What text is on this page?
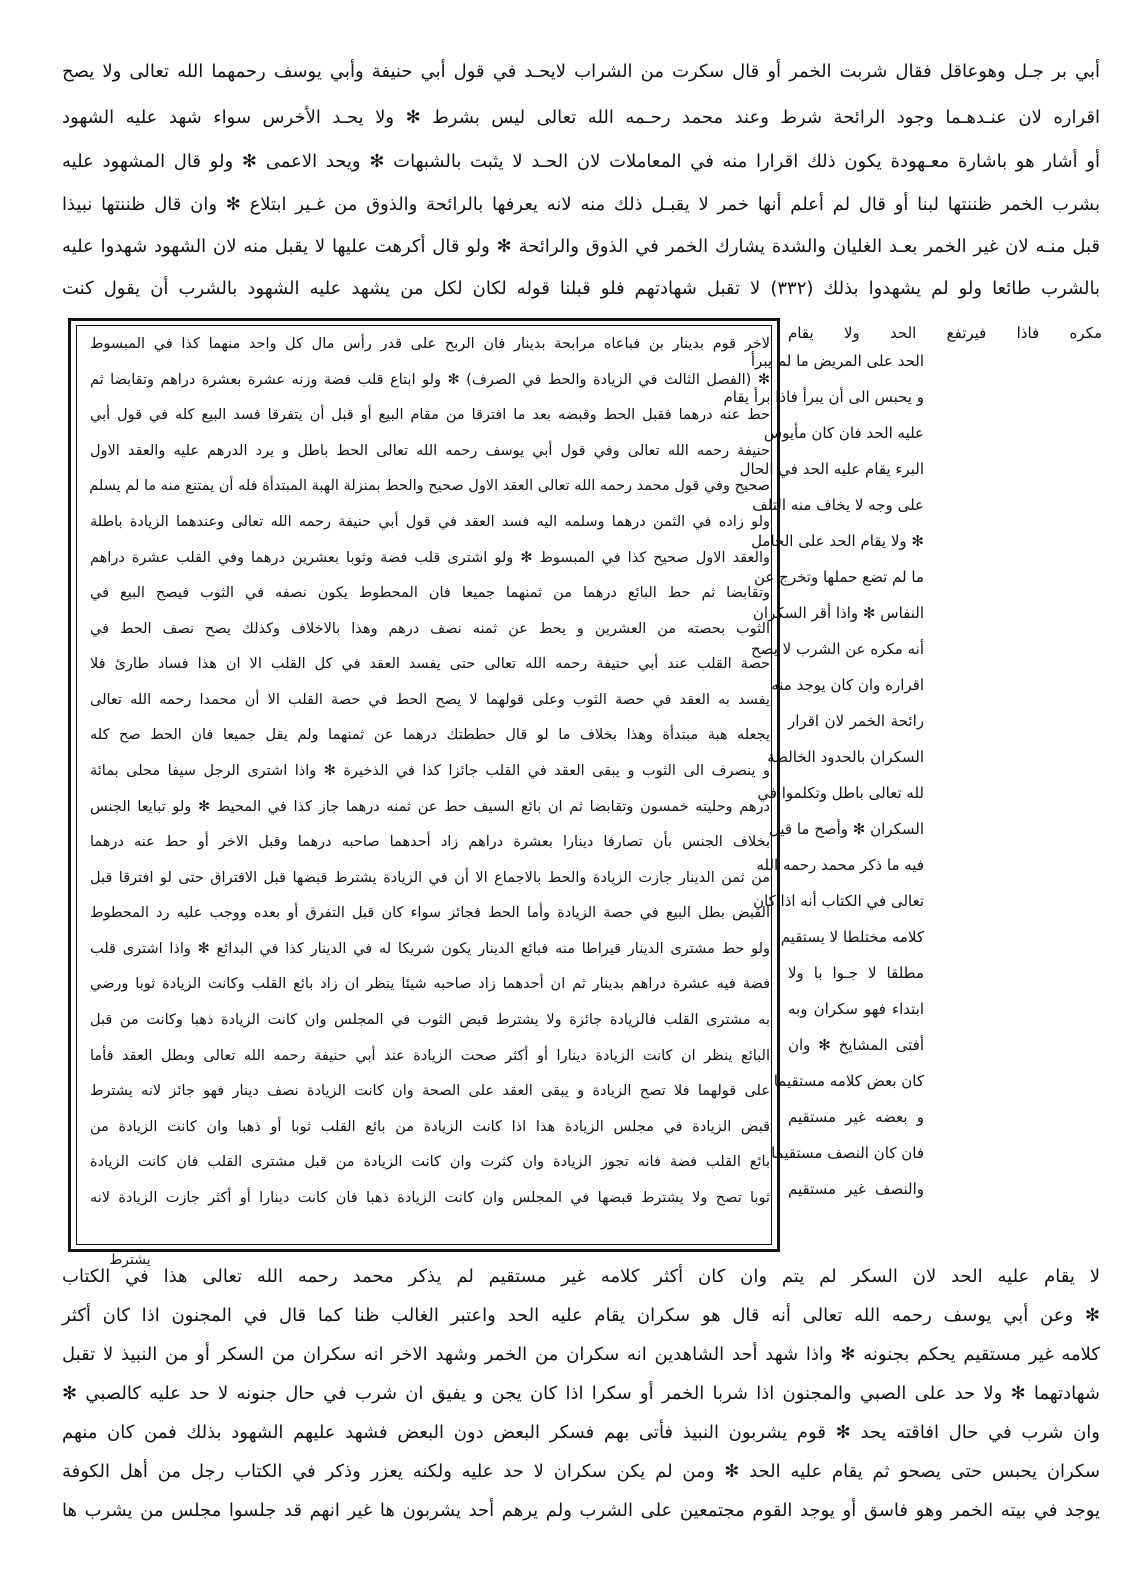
أبي بر جـل وهوعاقل فقال شربت الخمر أو قال سكرت من الشراب لايحـد في قول أبي حنيفة وأبي يوسف رحمهما الله تعالى ولا يصح
اقراره لان عنـدهـما وجود الرائحة شرط وعند محمد رحـمه الله تعالى ليس بشرط ✻ ولا يحـد الأخرس سواء شهد عليه الشهود
أو أشار هو باشارة معـهودة يكون ذلك اقرارا منه في المعاملات لان الحـد لا يثبت بالشبهات ✻ ويحد الاعمى ✻ ولو قال المشهود عليه
بشرب الخمر ظننتها لبنا أو قال لم أعلم أنها خمر لا يقبـل ذلك منه لانه يعرفها بالرائحة والذوق من غـير ابتلاع ✻ وان قال ظننتها نبيذا
قبل منـه لان غير الخمر بعـد الغليان والشدة يشارك الخمر في الذوق والرائحة ✻ ولو قال أكرهت عليها لا يقبل منه لان الشهود شهدوا عليه
بالشرب طائعا ولو لم يشهدوا بذلك (٣٣٢) لا تقبل شهادتهم فلو قبلنا قوله لكان لكل من يشهد عليه الشهود بالشرب أن يقول كنت
مكره فاذا فيرتفع الحد ولا يقام
لاخر قوم بدينار بن فباعاه مرابحة بدينار فان الربح على قدر رأس مال كل واحد منهما كذا في المبسوط
✻ (الفصل الثالث في الزيادة والحط في الصرف) ✻ ولو ابتاع قلب فضة وزنه عشرة بعشرة دراهم وتقابضا ثم
حط عنه درهما فقبل الحط وقبضه بعد ما افترقا من مقام البيع أو قبل أن يتفرقا فسد البيع كله في قول أبي
حنيفة رحمه الله تعالى وفي قول أبي يوسف رحمه الله تعالى الحط باطل و يرد الدرهم عليه والعقد الاول
صحيح وفي قول محمد رحمه الله تعالى العقد الاول صحيح والحط بمنزلة الهبة المبتدأة فله أن يمتنع منه ما لم يسلم
ولو زاده في الثمن درهما وسلمه اليه فسد العقد في قول أبي حنيفة رحمه الله تعالى وعندهما الزيادة باطلة
والعقد الاول صحيح كذا في المبسوط ✻ ولو اشترى قلب فضة وثوبا بعشرين درهما وفي القلب عشرة دراهم
وتقابضا ثم حط البائع درهما من ثمنهما جميعا فان المحطوط يكون نصفه في الثوب فيصح البيع في
الثوب بحصته من العشرين و يحط عن ثمنه نصف درهم وهذا بالاخلاف وكذلك يصح نصف الحط في
حصة القلب عند أبي حنيفة رحمه الله تعالى حتى يفسد العقد في كل القلب الا ان هذا فساد طارئ فلا
يفسد به العقد في حصة الثوب وعلى قولهما لا يصح الحط في حصة القلب الا أن محمدا رحمه الله تعالى
يجعله هبة مبتدأة وهذا بخلاف ما لو قال حططتك درهما عن ثمنهما ولم يقل جميعا فان الحط صح كله
و ينصرف الى الثوب و يبقى العقد في القلب جائزا كذا في الذخيرة ✻ واذا اشترى الرجل سيفا محلى بمائة
درهم وحليته خمسون وتقابضا ثم ان بائع السيف حط عن ثمنه درهما جاز كذا في المحيط ✻ ولو تبايعا الجنس
بخلاف الجنس بأن تصارفا دينارا بعشرة دراهم زاد أحدهما صاحبه درهما وقبل الاخر أو حط عنه درهما
من ثمن الدينار جازت الزيادة والحط بالاجماع الا أن في الزيادة يشترط قبضها قبل الافتراق حتى لو افترقا قبل
القبض بطل البيع في حصة الزيادة وأما الحط فجائز سواء كان قبل التفرق أو بعده ووجب عليه رد المحطوط
ولو حط مشترى الدينار قيراطا منه فبائع الدينار يكون شريكا له في الدينار كذا في البدائع ✻ واذا اشترى قلب
فضة فيه عشرة دراهم بدينار ثم ان أحدهما زاد صاحبه شيئا ينظر ان زاد بائع القلب وكانت الزيادة ثوبا ورضي
به مشترى القلب فالزيادة جائزة ولا يشترط قبض الثوب في المجلس وان كانت الزيادة ذهبا وكانت من قبل
البائع ينظر ان كانت الزيادة دينارا أو أكثر صحت الزيادة عند أبي حنيفة رحمه الله تعالى وبطل العقد فأما
على قولهما فلا تصح الزيادة و يبقى العقد على الصحة وان كانت الزيادة نصف دينار فهو جائز لانه يشترط
قبض الزيادة في مجلس الزيادة هذا اذا كانت الزيادة من بائع القلب ثوبا أو ذهبا وان كانت الزيادة من
بائع القلب فضة فانه تجوز الزيادة وان كثرت وان كانت الزيادة من قبل مشترى القلب فان كانت الزيادة
ثوبا تصح ولا يشترط قبضها في المجلس وان كانت الزيادة ذهبا فان كانت دينارا أو أكثر جازت الزيادة لانه
الحد على المريض ما لم يبرأ
و يحبس الى أن يبرأ فاذا برأ يقام
عليه الحد فان كان مأيوس
البرء يقام عليه الحد في الحال
على وجه لا يخاف منه التلف
✻ ولا يقام الحد على الحامل
ما لم تضع حملها وتخرج عن
النفاس ✻ واذا أقر السكران
أنه مكره عن الشرب لا يصح
اقراره وان كان يوجد منه
رائحة الخمر لان اقرار
السكران بالحدود الخالصة
لله تعالى باطل وتكلموا في
السكران ✻ وأصح ما قيل
فيه ما ذكر محمد رحمه الله
تعالى في الكتاب أنه اذا كان
كلامه مختلطا لا يستقيم
مطلقا لا جـوا با ولا
ابتداء فهو سكران وبه
أفتى المشايخ ✻ وان
كان بعض كلامه مستقيما
و بعضه غير مستقيم
فان كان النصف مستقيما
والنصف غير مستقيم
يشترط
لا يقام عليه الحد لان السكر لم يتم وان كان أكثر كلامه غير مستقيم لم يذكر محمد رحمه الله تعالى هذا في الكتاب
✻ وعن أبي يوسف رحمه الله تعالى أنه قال هو سكران يقام عليه الحد واعتبر الغالب ظنا كما قال في المجنون اذا كان أكثر
كلامه غير مستقيم يحكم بجنونه ✻ واذا شهد أحد الشاهدين انه سكران من الخمر وشهد الاخر انه سكران من السكر أو من النبيذ لا تقبل
شهادتهما ✻ ولا حد على الصبي والمجنون اذا شربا الخمر أو سكرا اذا كان يجن و يفيق ان شرب في حال جنونه لا حد عليه كالصبي ✻
وان شرب في حال افاقته يحد ✻ قوم يشربون النبيذ فأتى بهم فسكر البعض دون البعض فشهد عليهم الشهود بذلك فمن كان منهم
سكران يحبس حتى يصحو ثم يقام عليه الحد ✻ ومن لم يكن سكران لا حد عليه ولكنه يعزر وذكر في الكتاب رجل من أهل الكوفة
يوجد في بيته الخمر وهو فاسق أو يوجد القوم مجتمعين على الشرب ولم يرهم أحد يشربون ها غير انهم قد جلسوا مجلس من يشرب ها
